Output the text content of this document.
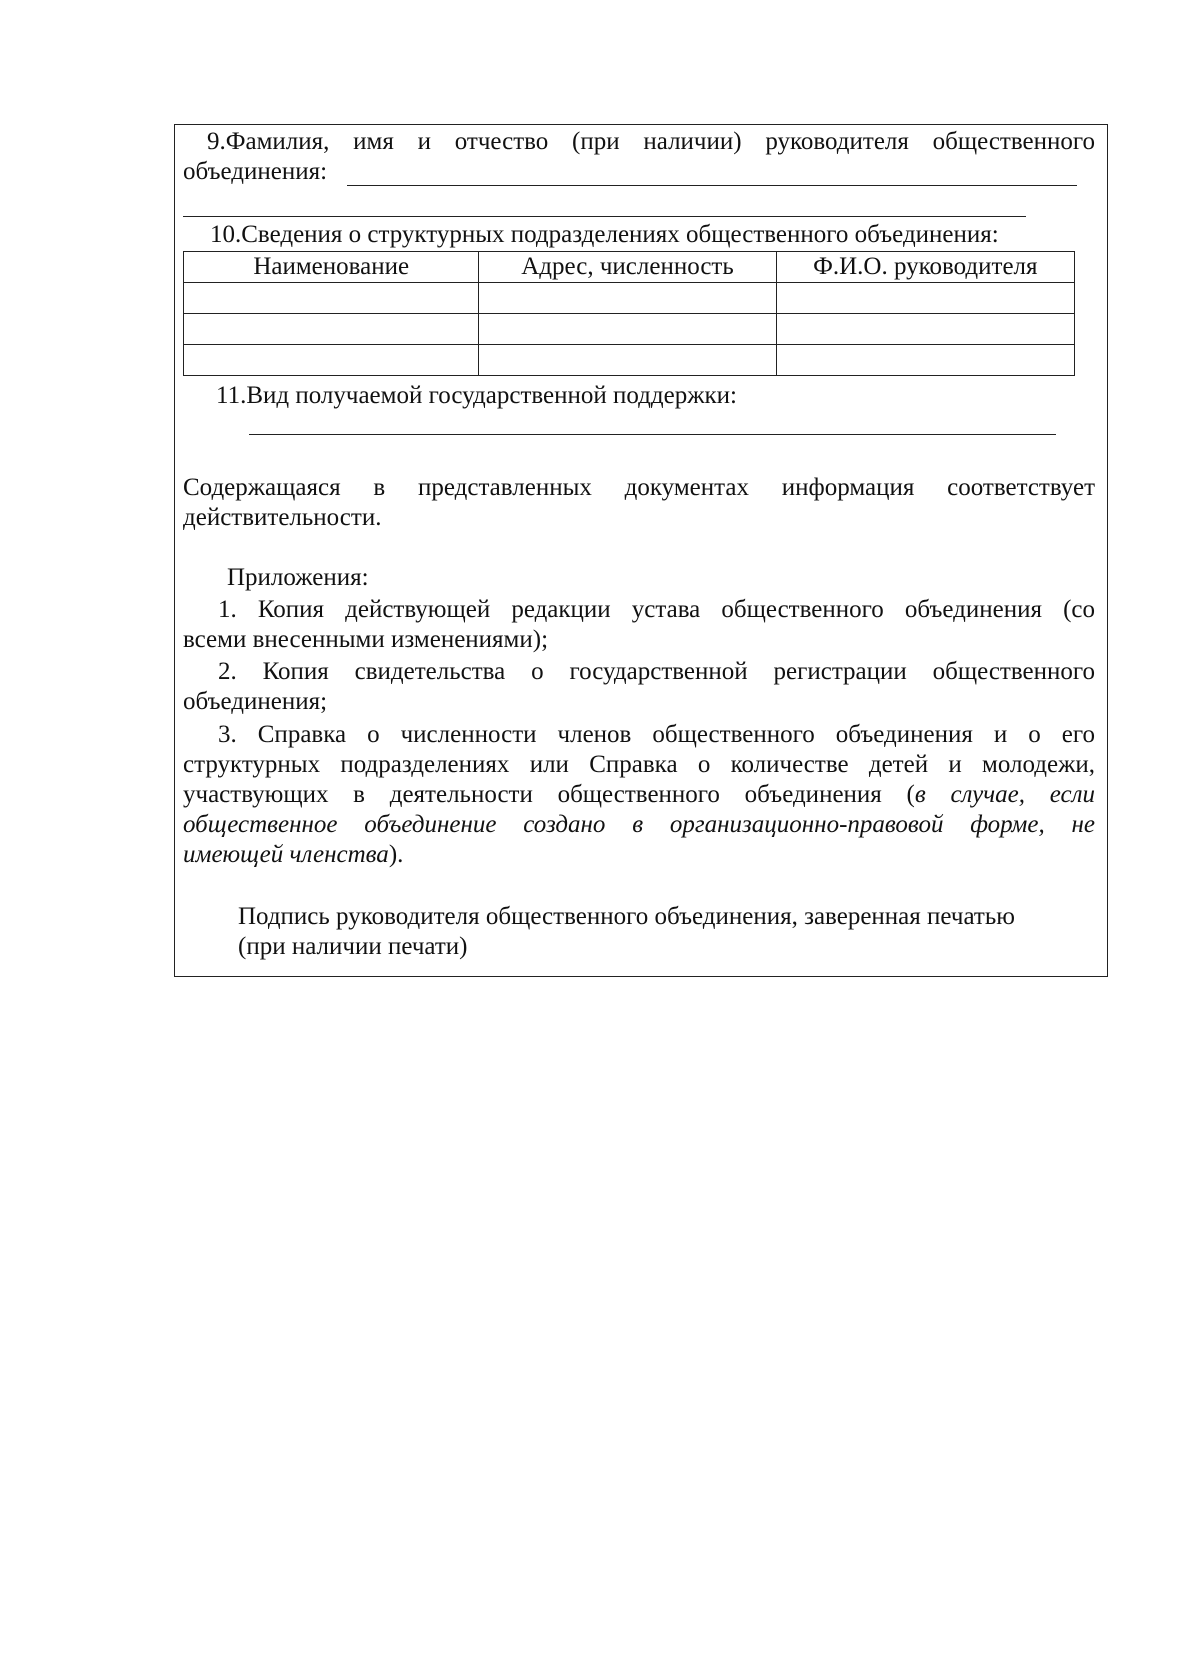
9.Фамилия, имя и отчество (при наличии) руководителя общественного
объединения:
10.Сведения о структурных подразделениях общественного объединения:
Наименование	Адрес, численность	Ф.И.О. руководителя

11.Вид получаемой государственной поддержки:
Содержащаяся в представленных документах информация соответствует
действительности.
Приложения:
1. Копия действующей редакции устава общественного объединения (со
всеми внесенными изменениями);
2. Копия свидетельства о государственной регистрации общественного
объединения;
3. Справка о численности членов общественного объединения и о его
структурных подразделениях или Справка о количестве детей и молодежи,
участвующих в деятельности общественного объединения (в случае, если
общественное объединение создано в организационно-правовой форме, не
имеющей членства).
Подпись руководителя общественного объединения, заверенная печатью
(при наличии печати)
